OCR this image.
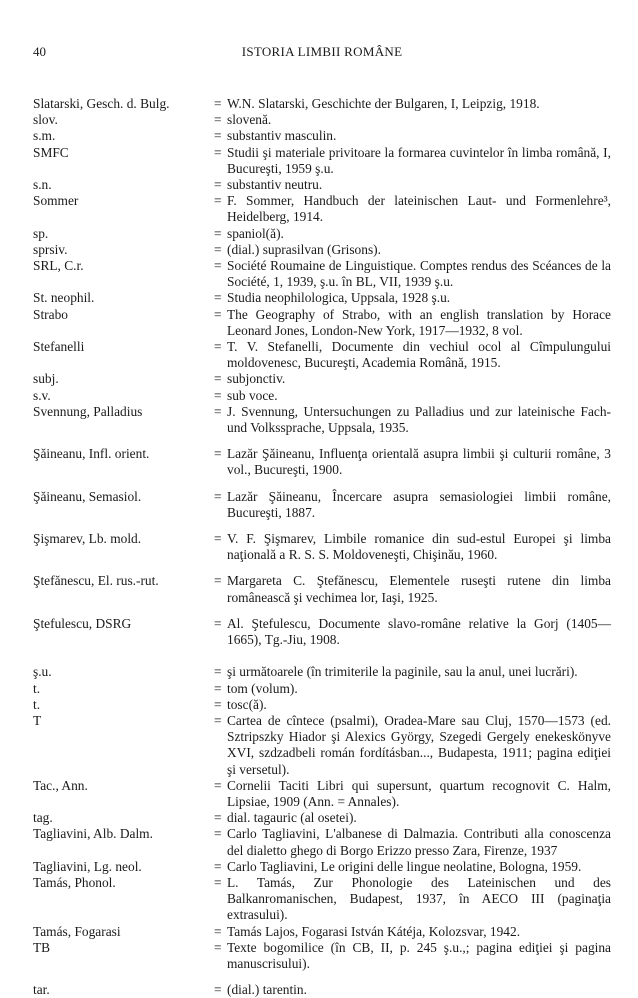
40	ISTORIA LIMBII ROMÂNE
Slatarski, Gesch. d. Bulg.	= W.N. Slatarski, Geschichte der Bulgaren, I, Leipzig, 1918.
slov.	= slovenă.
s.m.	= substantiv masculin.
SMFC	= Studii şi materiale privitoare la formarea cuvintelor în limba română, I, Bucureşti, 1959 ş.u.
s.n.	= substantiv neutru.
Sommer	= F. Sommer, Handbuch der lateinischen Laut- und Formenlehre³, Heidelberg, 1914.
sp.	= spaniol(ă).
sprsiv.	= (dial.) suprasilvan (Grisons).
SRL, C.r.	= Société Roumaine de Linguistique. Comptes rendus des Scéances de la Société, 1, 1939, ş.u. în BL, VII, 1939 ş.u.
St. neophil.	= Studia neophilologica, Uppsala, 1928 ş.u.
Strabo	= The Geography of Strabo, with an english translation by Horace Leonard Jones, London-New York, 1917—1932, 8 vol.
Stefanelli	= T. V. Stefanelli, Documente din vechiul ocol al Cîmpulungului moldovenesc, Bucureşti, Academia Română, 1915.
subj.	= subjonctiv.
s.v.	= sub voce.
Svennung, Palladius	= J. Svennung, Untersuchungen zu Palladius und zur lateinische Fach- und Volkssprache, Uppsala, 1935.
Şăineanu, Infl. orient.	= Lazăr Şăineanu, Influenţa orientală asupra limbii şi culturii române, 3 vol., Bucureşti, 1900.
Şăineanu, Semasiol.	= Lazăr Şăineanu, Încercare asupra semasiologiei limbii române, Bucureşti, 1887.
Şişmarev, Lb. mold.	= V. F. Şişmarev, Limbile romanice din sud-estul Europei şi limba naţională a R. S. S. Moldoveneşti, Chişinău, 1960.
Ştefănescu, El. rus.-rut.	= Margareta C. Ştefănescu, Elementele ruseşti rutene din limba românească şi vechimea lor, Iaşi, 1925.
Ştefulescu, DSRG	= Al. Ştefulescu, Documente slavo-române relative la Gorj (1405—1665), Tg.-Jiu, 1908.
ş.u.	= şi următoarele (în trimiterile la paginile, sau la anul, unei lucrări).
t.	= tom (volum).
t.	= tosc(ă).
T	= Cartea de cîntece (psalmi), Oradea-Mare sau Cluj, 1570—1573 (ed. Sztripszky Hiador şi Alexics György, Szegedi Gergely enekeskönyve XVI, szdzadbeli román fordításban..., Budapesta, 1911; pagina ediţiei şi versetul).
Tac., Ann.	= Cornelii Taciti Libri qui supersunt, quartum recognovit C. Halm, Lipsiae, 1909 (Ann. = Annales).
tag.	= dial. tagauric (al osetei).
Tagliavini, Alb. Dalm.	= Carlo Tagliavini, L'albanese di Dalmazia. Contributi alla conoscenza del dialetto ghego di Borgo Erizzo presso Zara, Firenze, 1937
Tagliavini, Lg. neol.	= Carlo Tagliavini, Le origini delle lingue neolatine, Bologna, 1959.
Tamás, Phonol.	= L. Tamás, Zur Phonologie des Lateinischen und des Balkanromanischen, Budapest, 1937, în AECO III (paginaţia extrasului).
Tamás, Fogarasi	= Tamás Lajos, Fogarasi István Kátéja, Kolozsvar, 1942.
TB	= Texte bogomilice (în CB, II, p. 245 ş.u.,; pagina ediţiei şi pagina manuscrisului).
tar.	= (dial.) tarentin.
